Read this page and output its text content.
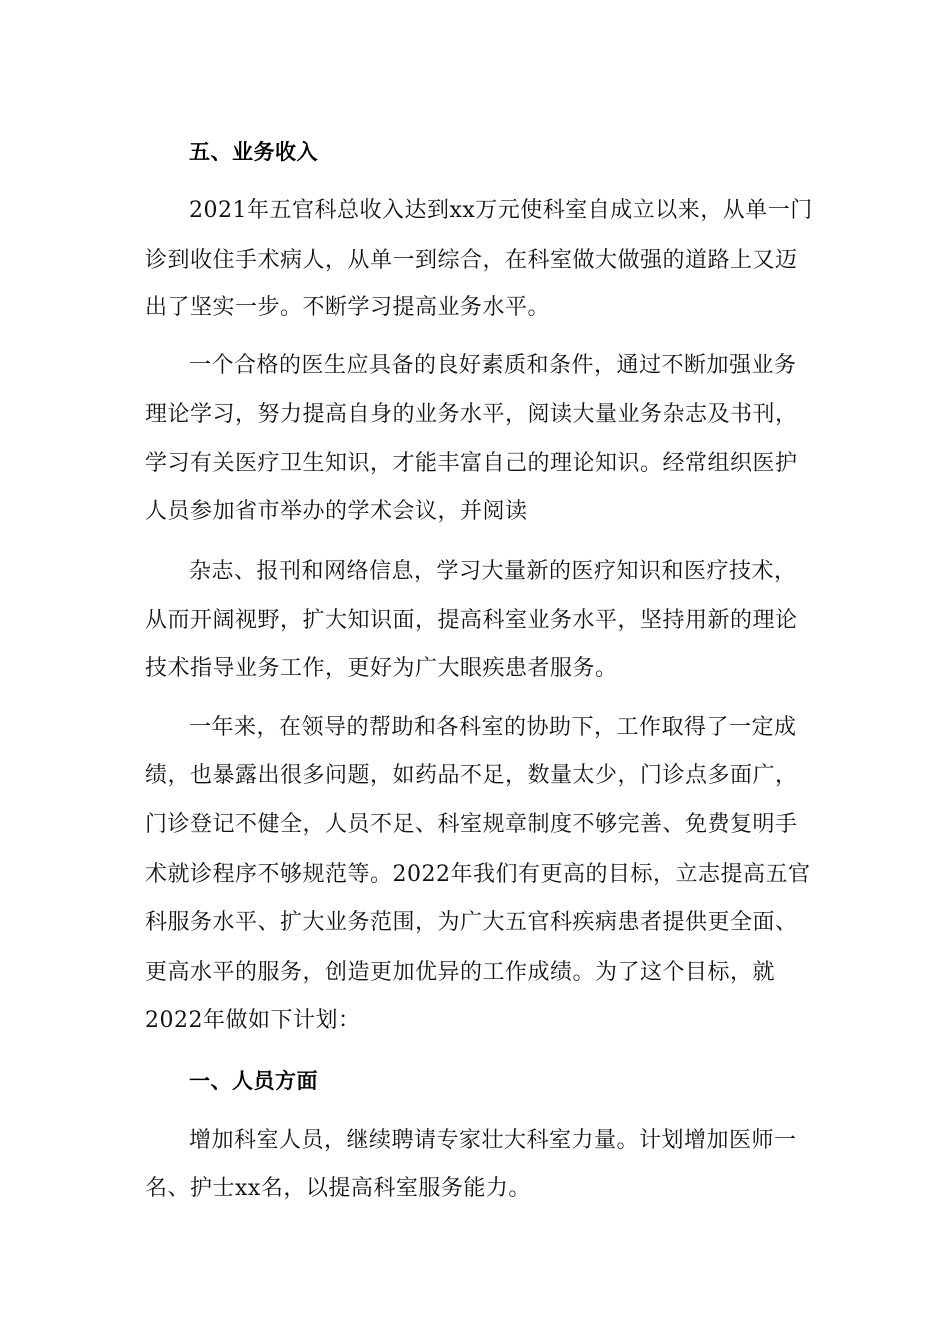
五、业务收入
2021年五官科总收入达到xx万元使科室自成立以来，从单一门
诊到收住手术病人，从单一到综合，在科室做大做强的道路上又迈
出了坚实一步。不断学习提高业务水平。
一个合格的医生应具备的良好素质和条件，通过不断加强业务
理论学习，努力提高自身的业务水平，阅读大量业务杂志及书刊，
学习有关医疗卫生知识，才能丰富自己的理论知识。经常组织医护
人员参加省市举办的学术会议，并阅读
杂志、报刊和网络信息，学习大量新的医疗知识和医疗技术，
从而开阔视野，扩大知识面，提高科室业务水平，坚持用新的理论
技术指导业务工作，更好为广大眼疾患者服务。
一年来，在领导的帮助和各科室的协助下，工作取得了一定成
绩，也暴露出很多问题，如药品不足，数量太少，门诊点多面广，
门诊登记不健全，人员不足、科室规章制度不够完善、免费复明手
术就诊程序不够规范等。2022年我们有更高的目标，立志提高五官
科服务水平、扩大业务范围，为广大五官科疾病患者提供更全面、
更高水平的服务，创造更加优异的工作成绩。为了这个目标，就
2022年做如下计划：
一、人员方面
增加科室人员，继续聘请专家壮大科室力量。计划增加医师一
名、护士xx名，以提高科室服务能力。
